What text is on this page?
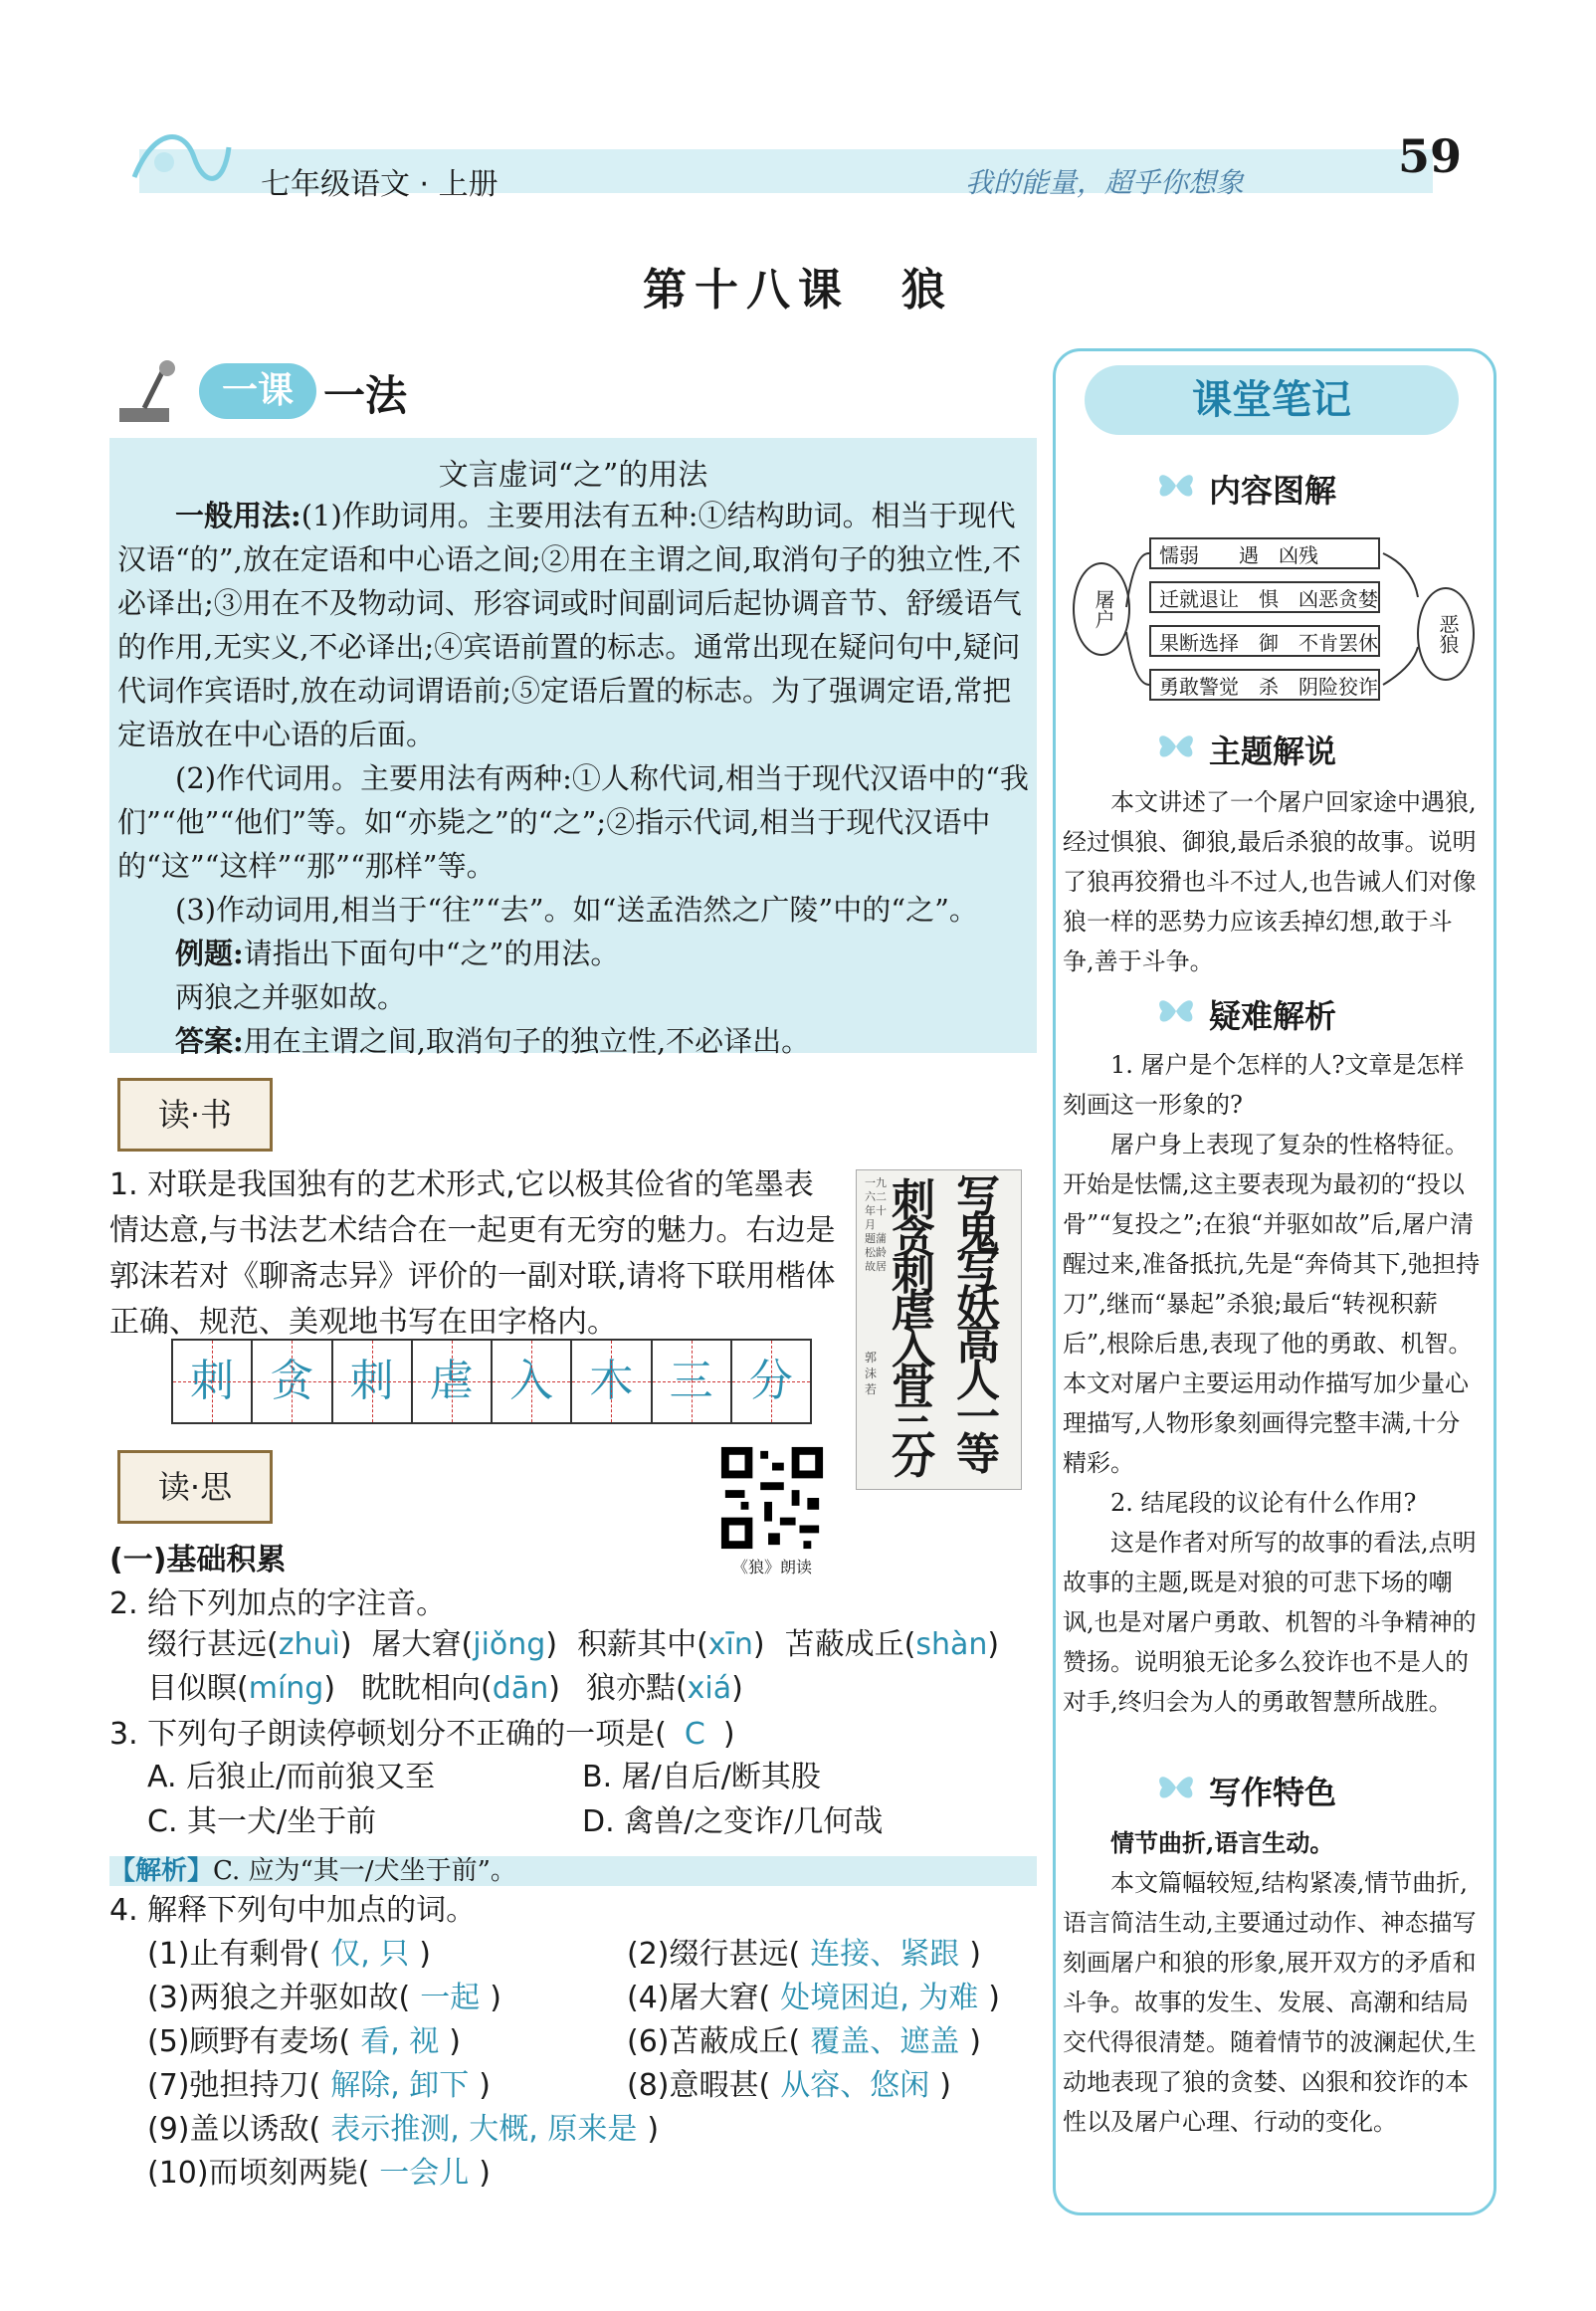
七年级语文 · 上册	我的能量，超乎你想象	59
第十八课　狼
一课 一法
文言虚词“之”的用法

一般用法:(1)作助词用。主要用法有五种:①结构助词。相当于现代汉语“的”,放在定语和中心语之间;②用在主谓之间,取消句子的独立性,不必译出;③用在不及物动词、形容词或时间副词后起协调音节、舒缓语气的作用,无实义,不必译出;④宾语前置的标志。通常出现在疑问句中,疑问代词作宾语时,放在动词谓语前;⑤定语后置的标志。为了强调定语,常把定语放在中心语的后面。

(2)作代词用。主要用法有两种:①人称代词,相当于现代汉语中的“我们”“他”“他们”等。如“亦毙之”的“之”;②指示代词,相当于现代汉语中的“这”“这样”“那”“那样”等。

(3)作动词用,相当于“往”“去”。如“送孟浩然之广陵”中的“之”。

例题:请指出下面句中“之”的用法。

两狼之并驱如故。

答案:用在主谓之间,取消句子的独立性,不必译出。

读·书
1. 对联是我国独有的艺术形式,它以极其俭省的笔墨表情达意,与书法艺术结合在一起更有无穷的魅力。右边是郭沫若对《聊斋志异》评价的一副对联,请将下联用楷体正确、规范、美观地书写在田字格内。
刺 贪 刺 虐 入 木 三 分
一九六二年十月 题蒲松龄故居
写鬼写妖高人一等
刺贪刺虐入骨三分
郭沫若
读·思
《狼》朗读
(一)基础积累
2. 给下列加点的字注音。
缀行甚远(zhuì) 屠大窘(jiǒng) 积薪其中(xīn) 苫蔽成丘(shàn)
目似瞑(míng) 眈眈相向(dān) 狼亦黠(xiá)
3. 下列句子朗读停顿划分不正确的一项是( C )
A. 后狼止/而前狼又至	B. 屠/自后/断其股
C. 其一犬/坐于前	D. 禽兽/之变诈/几何哉
【解析】C. 应为“其一/犬坐于前”。
4. 解释下列句中加点的词。
(1)止有剩骨( 仅, 只 )	(2)缀行甚远( 连接、紧跟 )
(3)两狼之并驱如故( 一起 )	(4)屠大窘( 处境困迫, 为难 )
(5)顾野有麦场( 看, 视 )	(6)苫蔽成丘( 覆盖、遮盖 )
(7)弛担持刀( 解除, 卸下 )	(8)意暇甚( 从容、悠闲 )
(9)盖以诱敌( 表示推测, 大概, 原来是 )
(10)而顷刻两毙( 一会儿 )
课堂笔记
内容图解
屠户
恶狼
懦弱　　遇　凶残
迁就退让　惧　凶恶贪婪
果断选择　御　不肯罢休
勇敢警觉　杀　阴险狡诈
主题解说

本文讲述了一个屠户回家途中遇狼,经过惧狼、御狼,最后杀狼的故事。说明了狼再狡猾也斗不过人,也告诫人们对像狼一样的恶势力应该丢掉幻想,敢于斗争,善于斗争。

疑难解析

1. 屠户是个怎样的人?文章是怎样刻画这一形象的?

屠户身上表现了复杂的性格特征。开始是怯懦,这主要表现为最初的“投以骨”“复投之”;在狼“并驱如故”后,屠户清醒过来,准备抵抗,先是“奔倚其下,弛担持刀”,继而“暴起”杀狼;最后“转视积薪后”,根除后患,表现了他的勇敢、机智。本文对屠户主要运用动作描写加少量心理描写,人物形象刻画得完整丰满,十分精彩。

2. 结尾段的议论有什么作用?

这是作者对所写的故事的看法,点明故事的主题,既是对狼的可悲下场的嘲讽,也是对屠户勇敢、机智的斗争精神的赞扬。说明狼无论多么狡诈也不是人的对手,终归会为人的勇敢智慧所战胜。

写作特色

情节曲折,语言生动。

本文篇幅较短,结构紧凑,情节曲折,语言简洁生动,主要通过动作、神态描写刻画屠户和狼的形象,展开双方的矛盾和斗争。故事的发生、发展、高潮和结局交代得很清楚。随着情节的波澜起伏,生动地表现了狼的贪婪、凶狠和狡诈的本性以及屠户心理、行动的变化。
